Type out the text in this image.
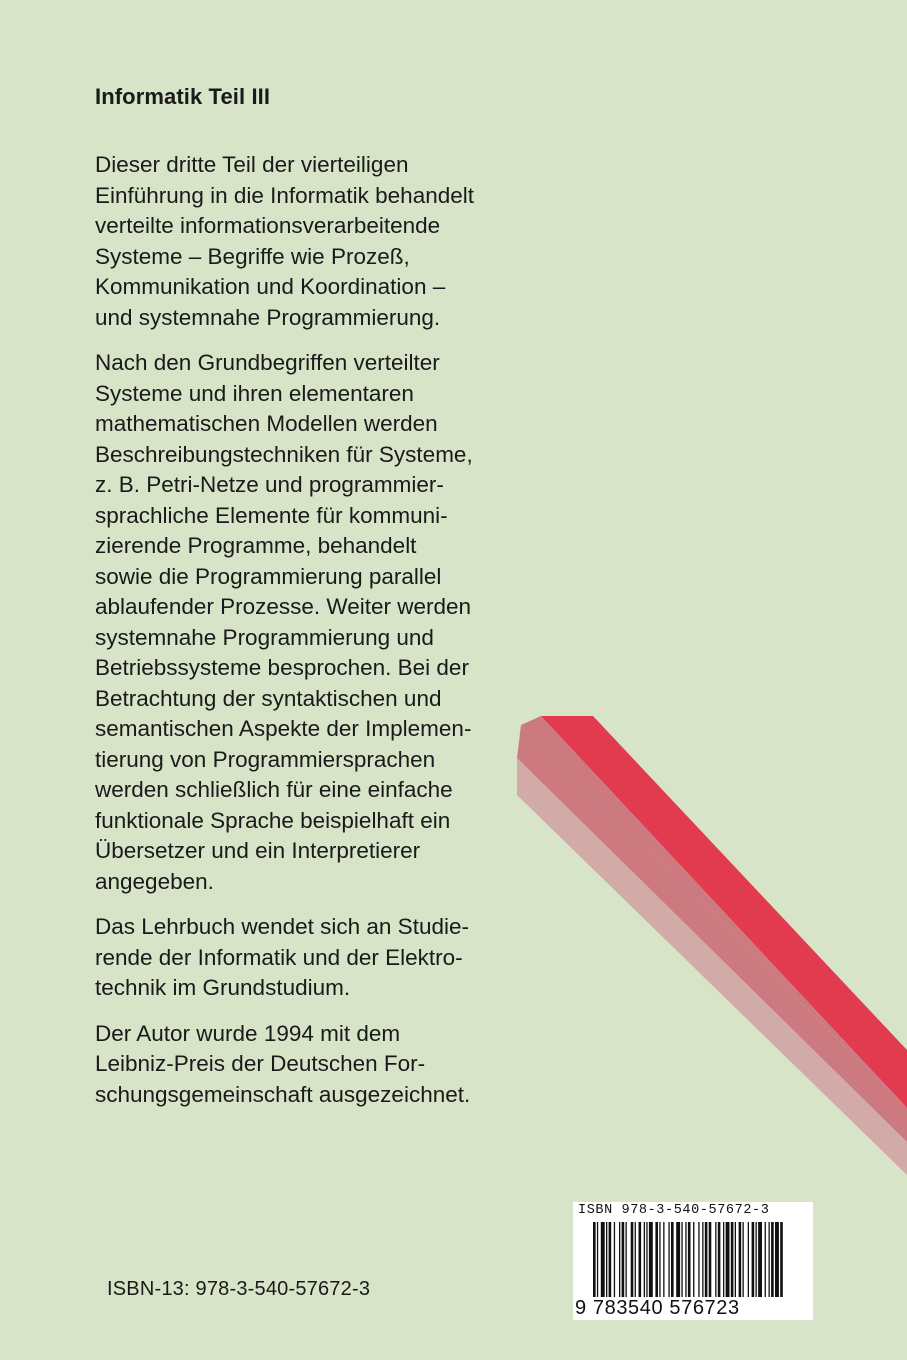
Informatik Teil III

Dieser dritte Teil der vierteiligen
Einführung in die Informatik behandelt
verteilte informationsverarbeitende
Systeme – Begriffe wie Prozeß,
Kommunikation und Koordination –
und systemnahe Programmierung.

Nach den Grundbegriffen verteilter
Systeme und ihren elementaren
mathematischen Modellen werden
Beschreibungstechniken für Systeme,
z. B. Petri-Netze und programmier-
sprachliche Elemente für kommuni-
zierende Programme, behandelt
sowie die Programmierung parallel
ablaufender Prozesse. Weiter werden
systemnahe Programmierung und
Betriebssysteme besprochen. Bei der
Betrachtung der syntaktischen und
semantischen Aspekte der Implemen-
tierung von Programmiersprachen
werden schließlich für eine einfache
funktionale Sprache beispielhaft ein
Übersetzer und ein Interpretierer
angegeben.

Das Lehrbuch wendet sich an Studie-
rende der Informatik und der Elektro-
technik im Grundstudium.

Der Autor wurde 1994 mit dem
Leibniz-Preis der Deutschen For-
schungsgemeinschaft ausgezeichnet.

ISBN-13: 978-3-540-57672-3
ISBN 978-3-540-57672-3
9 783540 576723
